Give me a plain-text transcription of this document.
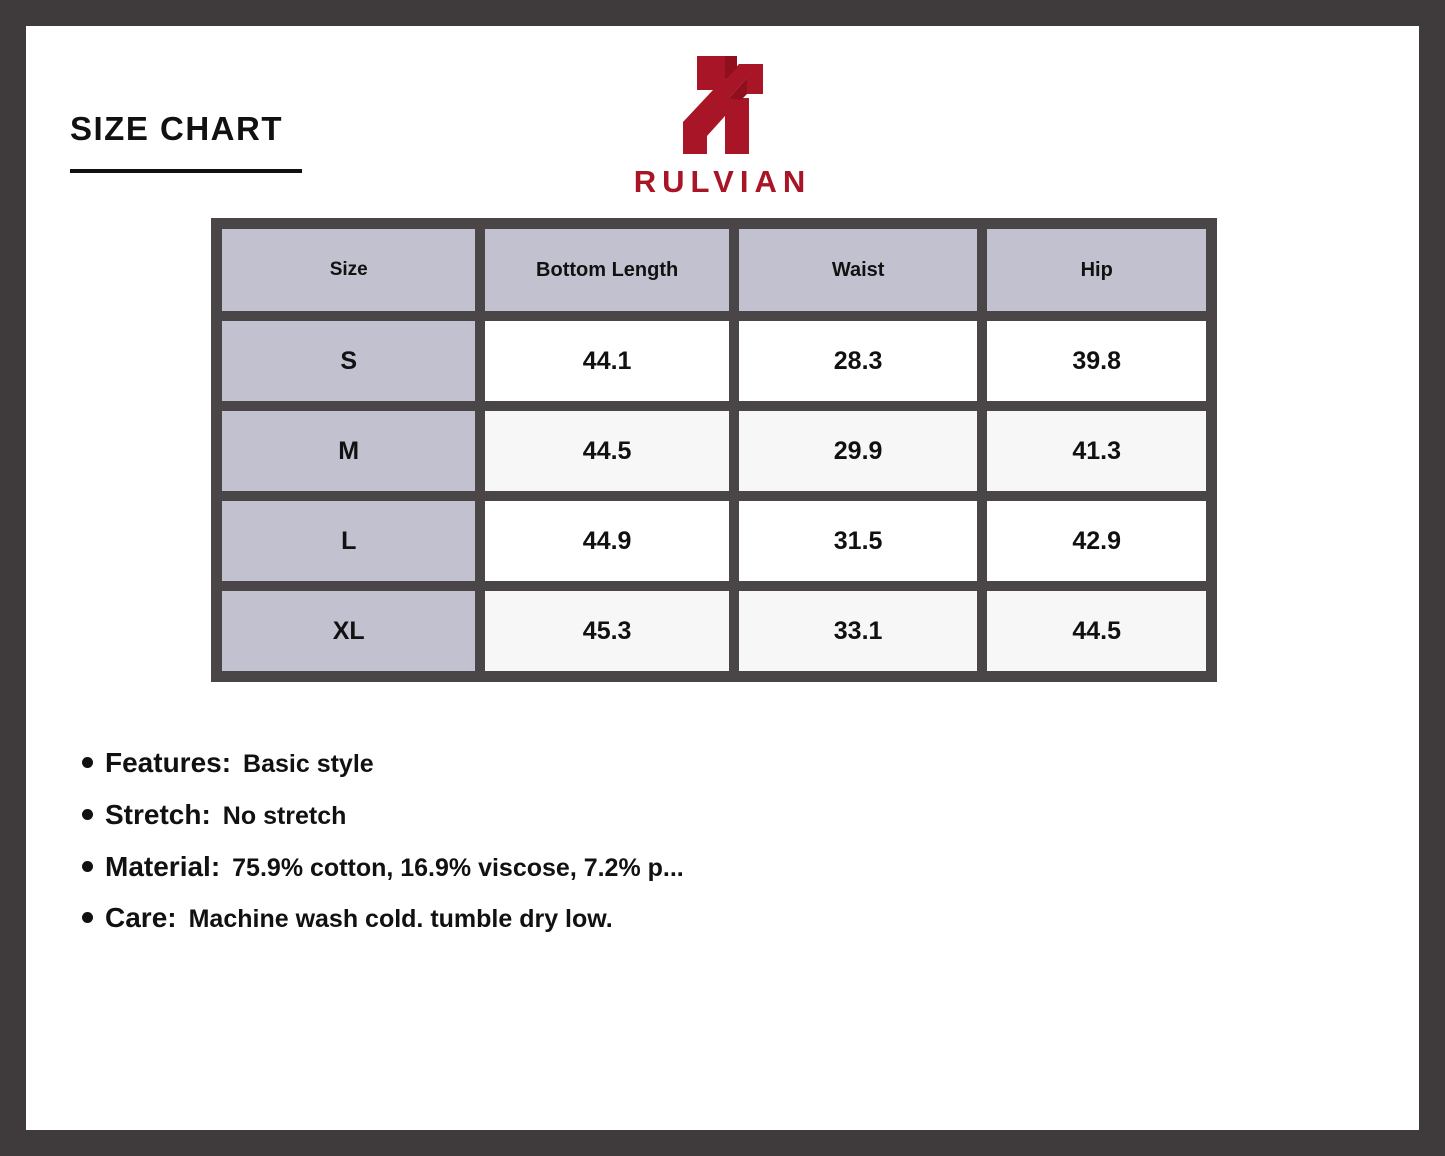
SIZE CHART
RULVIAN
Size	Bottom Length	Waist	Hip
S	44.1	28.3	39.8
M	44.5	29.9	41.3
L	44.9	31.5	42.9
XL	45.3	33.1	44.5
Features: Basic style
Stretch: No stretch
Material: 75.9% cotton, 16.9% viscose, 7.2% p...
Care: Machine wash cold. tumble dry low.
